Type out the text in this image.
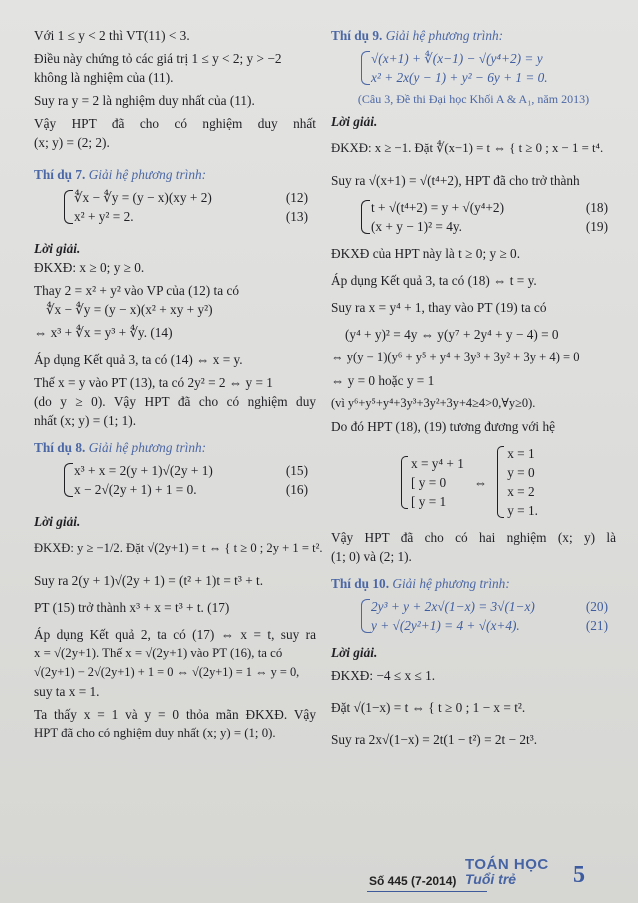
Với 1 ≤ y < 2 thì VT(11) < 3.
Điều này chứng tỏ các giá trị 1 ≤ y < 2; y > −2
không là nghiệm của (11).
Suy ra y = 2 là nghiệm duy nhất của (11).
Vậy HPT đã cho có nghiệm duy nhất
(x; y) = (2; 2).
Thí dụ 7. Giải hệ phương trình:
∜x − ∜y = (y − x)(xy + 2)	(12)
x² + y² = 2.	(13)
Lời giải.
ĐKXĐ: x ≥ 0; y ≥ 0.
Thay 2 = x² + y² vào VP của (12) ta có
∜x − ∜y = (y − x)(x² + xy + y²)
⇔ x³ + ∜x = y³ + ∜y. (14)
Áp dụng Kết quả 3, ta có (14) ⇔ x = y.
Thế x = y vào PT (13), ta có 2y² = 2 ⇔ y = 1
(do y ≥ 0). Vậy HPT đã cho có nghiệm duy
nhất (x; y) = (1; 1).
Thí dụ 8. Giải hệ phương trình:
x³ + x = 2(y + 1)√(2y + 1)	(15)
x − 2√(2y + 1) + 1 = 0.	(16)
Lời giải.
ĐKXĐ: y ≥ −1/2. Đặt √(2y+1) = t ⇔ { t ≥ 0 ; 2y + 1 = t².
Suy ra 2(y + 1)√(2y + 1) = (t² + 1)t = t³ + t.
PT (15) trở thành x³ + x = t³ + t. (17)
Áp dụng Kết quả 2, ta có (17) ⇔ x = t, suy ra
x = √(2y+1). Thế x = √(2y+1) vào PT (16), ta có
√(2y+1) − 2√(2y+1) + 1 = 0 ⇔ √(2y+1) = 1 ⇔ y = 0,
suy ta x = 1.
Ta thấy x = 1 và y = 0 thỏa mãn ĐKXĐ. Vậy
HPT đã cho có nghiệm duy nhất (x; y) = (1; 0).
Thí dụ 9. Giải hệ phương trình:
√(x+1) + ∜(x−1) − √(y⁴+2) = y
x² + 2x(y − 1) + y² − 6y + 1 = 0.
(Câu 3, Đề thi Đại học Khối A & A₁, năm 2013)
Lời giải.
ĐKXĐ: x ≥ −1. Đặt ∜(x−1) = t ⇔ { t ≥ 0 ; x − 1 = t⁴.
Suy ra √(x+1) = √(t⁴+2), HPT đã cho trở thành
t + √(t⁴+2) = y + √(y⁴+2)	(18)
(x + y − 1)² = 4y.	(19)
ĐKXĐ của HPT này là t ≥ 0; y ≥ 0.
Áp dụng Kết quả 3, ta có (18) ⇔ t = y.
Suy ra x = y⁴ + 1, thay vào PT (19) ta có
(y⁴ + y)² = 4y ⇔ y(y⁷ + 2y⁴ + y − 4) = 0
⇔ y(y − 1)(y⁶ + y⁵ + y⁴ + 3y³ + 3y² + 3y + 4) = 0
⇔ y = 0 hoặc y = 1
(vì y⁶+y⁵+y⁴+3y³+3y²+3y+4≥4>0,∀y≥0).
Do đó HPT (18), (19) tương đương với hệ
x = y⁴ + 1
[ y = 0
[ y = 1
⇔
x = 1
y = 0
x = 2
y = 1.
Vậy HPT đã cho có hai nghiệm (x; y) là
(1; 0) và (2; 1).
Thí dụ 10. Giải hệ phương trình:
2y³ + y + 2x√(1−x) = 3√(1−x)	(20)
y + √(2y²+1) = 4 + √(x+4).	(21)
Lời giải.
ĐKXĐ: −4 ≤ x ≤ 1.
Đặt √(1−x) = t ⇔ { t ≥ 0 ; 1 − x = t².
Suy ra 2x√(1−x) = 2t(1 − t²) = 2t − 2t³.
Số 445 (7-2014)
TOÁN HỌC
Tuổi trẻ	5
